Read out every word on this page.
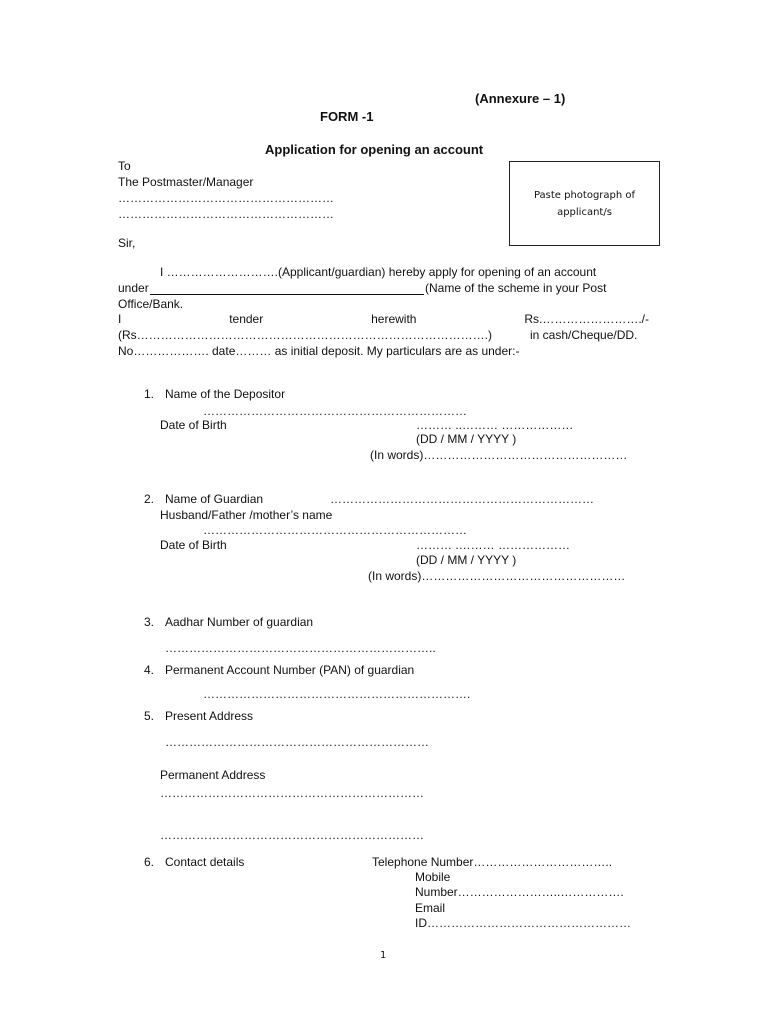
(Annexure – 1)
FORM -1
Application for opening an account
To
The Postmaster/Manager
………………………………………………
………………………………………………
Sir,
Paste photograph of
applicant/s
I ……………………….(Applicant/guardian) hereby apply for opening of an account
under	(Name of the scheme in your Post
Office/Bank.
I	tender	herewith	Rs.……………………./-
(Rs…………………………………………………………………………….)	in cash/Cheque/DD.
No………………. date……… as initial deposit. My particulars are as under:-
1. Name of the Depositor
…………………………………………………………
Date of Birth	……… ..……… ………………
(DD / MM / YYYY )
(In words)……………………………………………
2. Name of Guardian	…………………………………………………………
Husband/Father /mother’s name
…………………………………………………………
Date of Birth	……… .……… ………………
(DD / MM / YYYY )
(In words)……………………………………………
3. Aadhar Number of guardian
…………………………………………………………..
4. Permanent Account Number (PAN) of guardian
………………………………………………………….
5. Present Address
…………………………………………………………
Permanent Address
…………………………………………………………
…………………………………………………………
6. Contact details	Telephone Number……………………………..
Mobile
Number……………………..…………….
Email
ID……………………………………………
1
